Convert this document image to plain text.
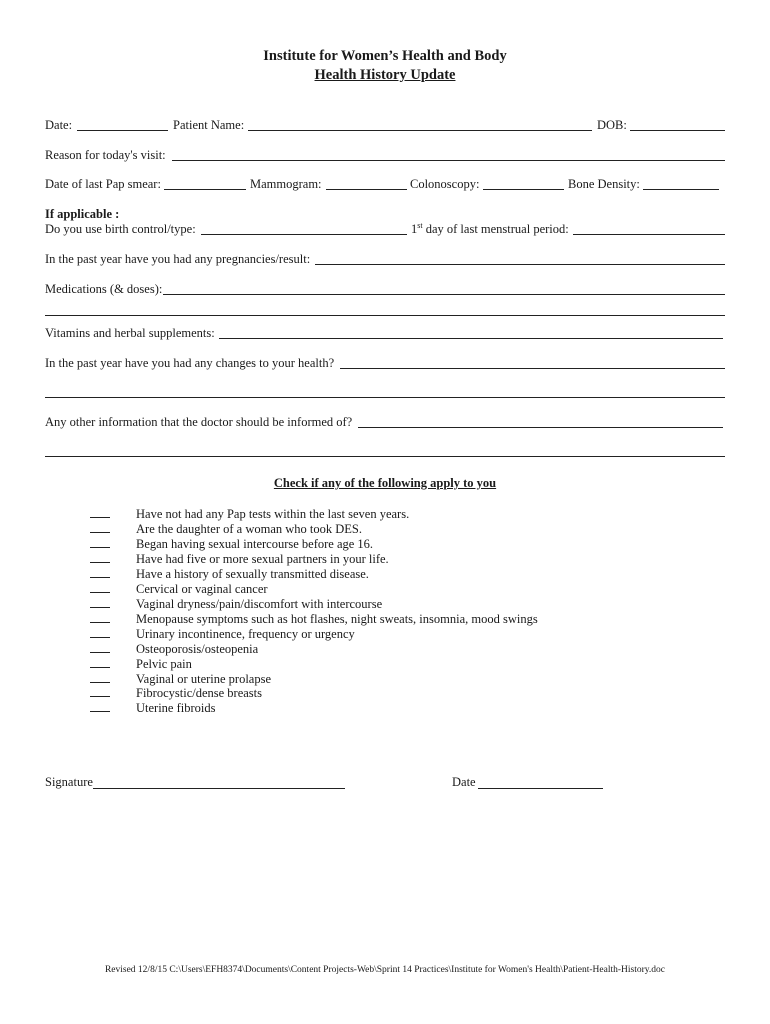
Institute for Women’s Health and Body
Health History Update
Date:	Patient Name:	DOB:
Reason for today's visit:
Date of last Pap smear:	Mammogram:	Colonoscopy:	Bone Density:
If applicable :
Do you use birth control/type:	1st day of last menstrual period:
In the past year have you had any pregnancies/result:
Medications (& doses):
Vitamins and herbal supplements:
In the past year have you had any changes to your health?
Any other information that the doctor should be informed of?
Check if any of the following apply to you
Have not had any Pap tests within the last seven years.
Are the daughter of a woman who took DES.
Began having sexual intercourse before age 16.
Have had five or more sexual partners in your life.
Have a history of sexually transmitted disease.
Cervical or vaginal cancer
Vaginal dryness/pain/discomfort with intercourse
Menopause symptoms such as hot flashes, night sweats, insomnia, mood swings
Urinary incontinence, frequency or urgency
Osteoporosis/osteopenia
Pelvic pain
Vaginal or uterine prolapse
Fibrocystic/dense breasts
Uterine fibroids
Signature	Date
Revised 12/8/15 C:\Users\EFH8374\Documents\Content Projects-Web\Sprint 14 Practices\Institute for Women's Health\Patient-Health-History.doc
